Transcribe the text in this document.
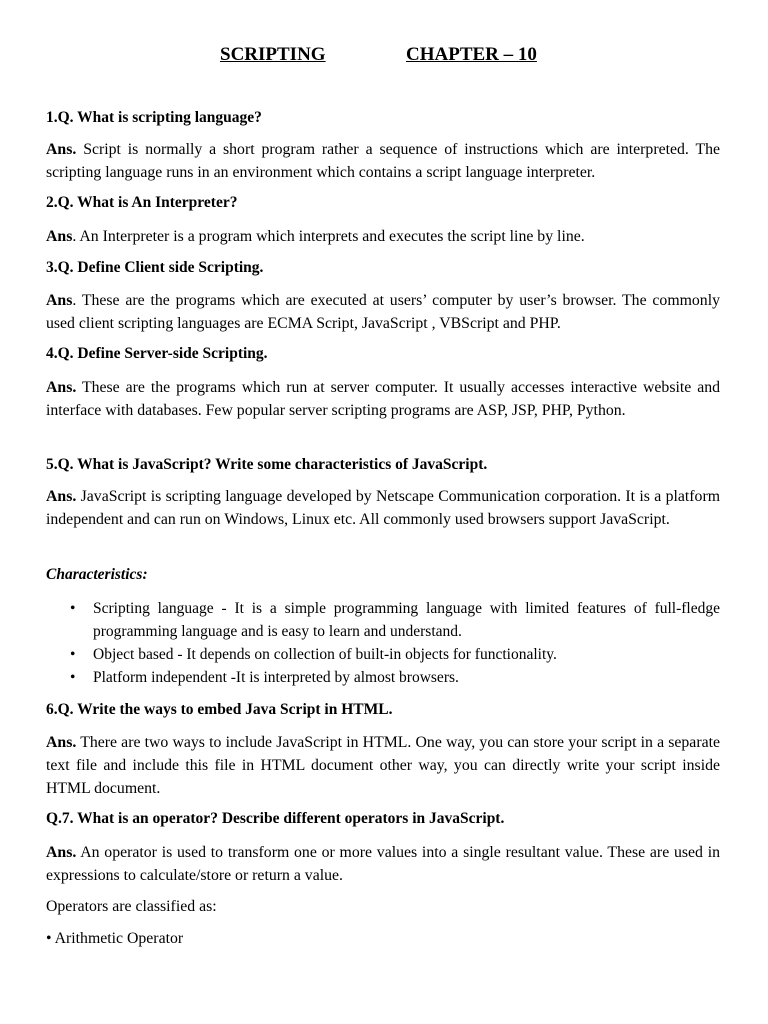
SCRIPTING	CHAPTER – 10
1.Q. What is scripting language?
Ans. Script is normally a short program rather a sequence of instructions which are interpreted. The scripting language runs in an environment which contains a script language interpreter.
2.Q. What is An Interpreter?
Ans. An Interpreter is a program which interprets and executes the script line by line.
3.Q. Define Client side Scripting.
Ans. These are the programs which are executed at users’ computer by user’s browser. The commonly used client scripting languages are ECMA Script, JavaScript , VBScript and PHP.
4.Q. Define Server-side Scripting.
Ans. These are the programs which run at server computer. It usually accesses interactive website and interface with databases. Few popular server scripting programs are ASP, JSP, PHP, Python.
5.Q. What is JavaScript? Write some characteristics of JavaScript.
Ans. JavaScript is scripting language developed by Netscape Communication corporation. It is a platform independent and can run on Windows, Linux etc. All commonly used browsers support JavaScript.
Characteristics:
• Scripting language - It is a simple programming language with limited features of full-fledge programming language and is easy to learn and understand.
• Object based - It depends on collection of built-in objects for functionality.
• Platform independent -It is interpreted by almost browsers.
6.Q. Write the ways to embed Java Script in HTML.
Ans. There are two ways to include JavaScript in HTML. One way, you can store your script in a separate text file and include this file in HTML document other way, you can directly write your script inside HTML document.
Q.7. What is an operator? Describe different operators in JavaScript.
Ans. An operator is used to transform one or more values into a single resultant value. These are used in expressions to calculate/store or return a value.
Operators are classified as:
• Arithmetic Operator
